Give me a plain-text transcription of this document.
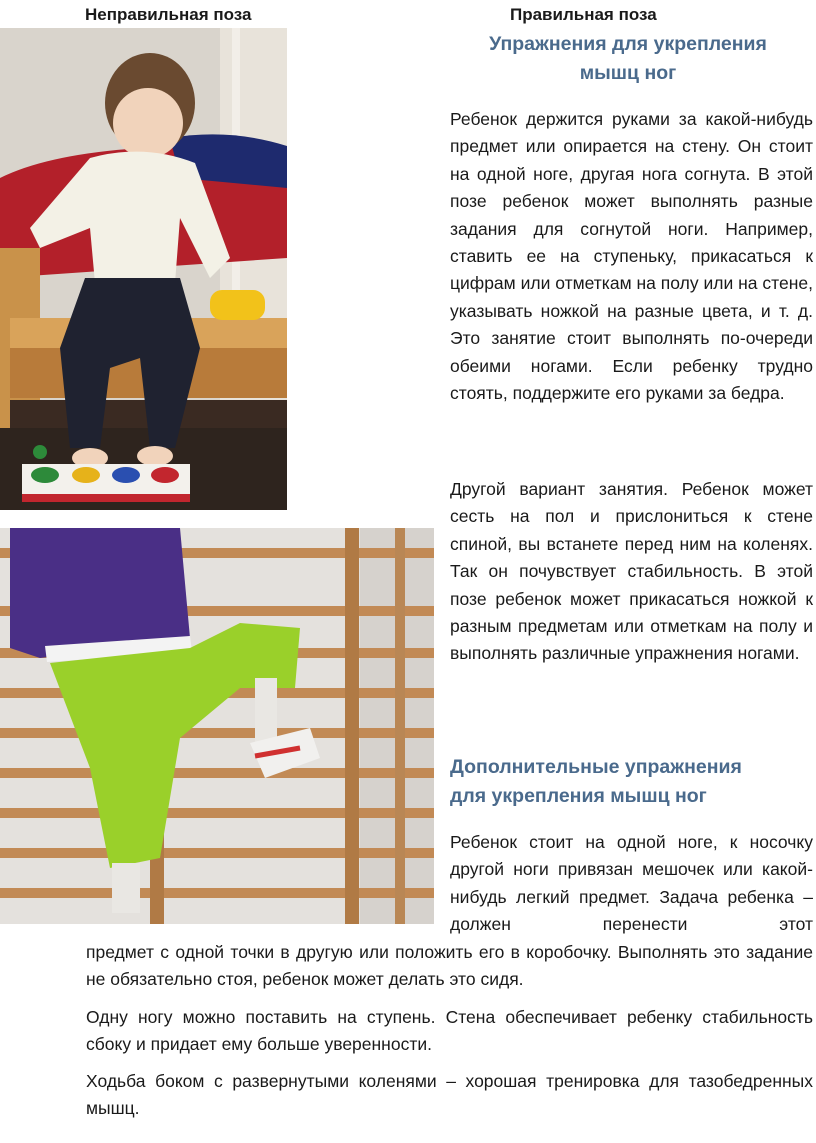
Неправильная поза	Правильная поза
Упражнения для укрепления
мышц ног

Ребенок держится руками за какой-нибудь предмет или опирается на стену. Он стоит на одной ноге, другая нога согнута. В этой позе ребенок может выполнять разные задания для согнутой ноги. Например, ставить ее на ступеньку, прикасаться к цифрам или отметкам на полу или на стене, указывать ножкой на разные цвета, и т. д. Это занятие стоит выполнять по-очереди обеими ногами. Если ребенку трудно стоять, поддержите его руками за бедра.

Другой вариант занятия. Ребенок может сесть на пол и прислониться к стене спиной, вы встанете перед ним на коленях. Так он почувствует стабильность. В этой позе ребенок может прикасаться ножкой к разным предметам или отметкам на полу и выполнять различные упражнения ногами.

Дополнительные упражнения
для укрепления мышц ног

Ребенок стоит на одной ноге, к носочку другой ноги привязан мешочек или какой-нибудь легкий предмет. Задача ребенка – должен перенести этот

предмет с одной точки в другую или положить его в коробочку. Выполнять это задание не обязательно стоя, ребенок может делать это сидя.

Одну ногу можно поставить на ступень. Стена обеспечивает ребенку стабильность сбоку и придает ему больше уверенности.

Ходьба боком с развернутыми коленями – хорошая тренировка для тазобедренных мышц.
